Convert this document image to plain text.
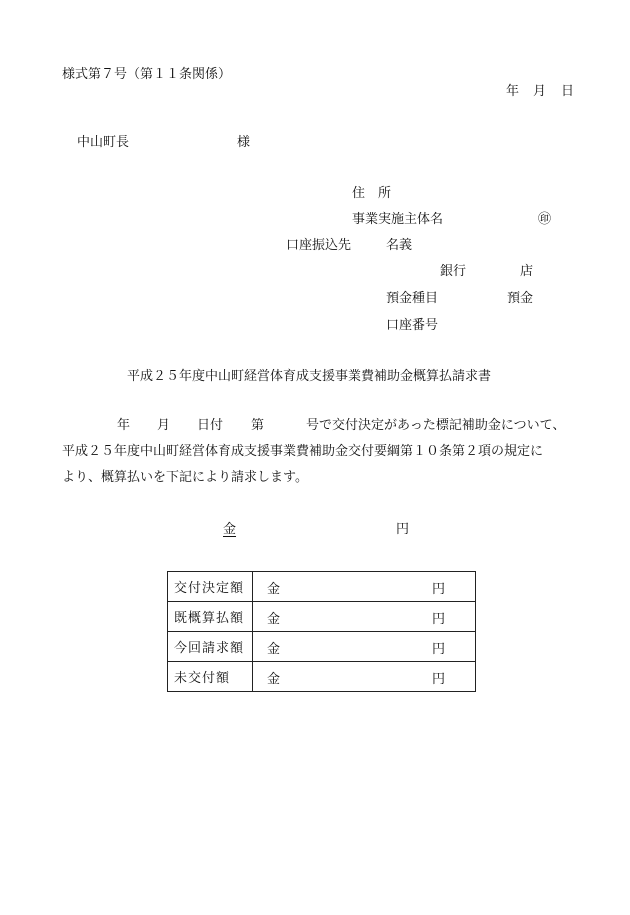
様式第７号（第１１条関係）
年 月 日
中山町長	様
住　所
事業実施主体名	㊞
口座振込先	名義
銀行	店
預金種目	預金
口座番号
平成２５年度中山町経営体育成支援事業費補助金概算払請求書
年 月 日付 第	号で交付決定があった標記補助金について、
平成２５年度中山町経営体育成支援事業費補助金交付要綱第１０条第２項の規定に
より、概算払いを下記により請求します。
金	円
交付決定額	金 円

既概算払額	金 円

今回請求額	金 円

未交付額	金 円
